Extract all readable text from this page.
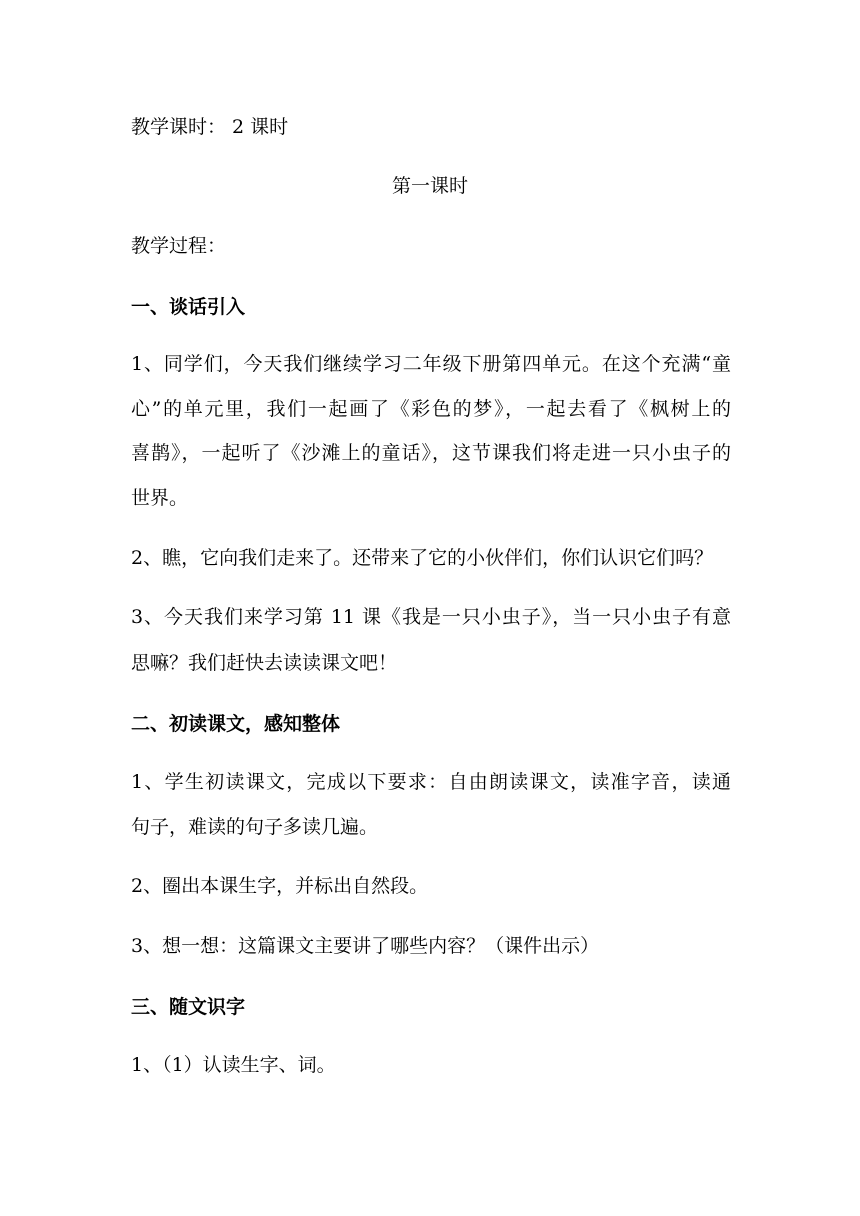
教学课时： 2 课时
第一课时
教学过程：
一、谈话引入
1、同学们，今天我们继续学习二年级下册第四单元。在这个充满“童
心”的单元里，我们一起画了《彩色的梦》，一起去看了《枫树上的
喜鹊》，一起听了《沙滩上的童话》，这节课我们将走进一只小虫子的
世界。
2、瞧，它向我们走来了。还带来了它的小伙伴们，你们认识它们吗？
3、今天我们来学习第 11 课《我是一只小虫子》，当一只小虫子有意
思嘛？我们赶快去读读课文吧！
二、初读课文，感知整体
1、学生初读课文，完成以下要求：自由朗读课文，读准字音，读通
句子，难读的句子多读几遍。
2、圈出本课生字，并标出自然段。
3、想一想：这篇课文主要讲了哪些内容？（课件出示）
三、随文识字
1、（1）认读生字、词。
